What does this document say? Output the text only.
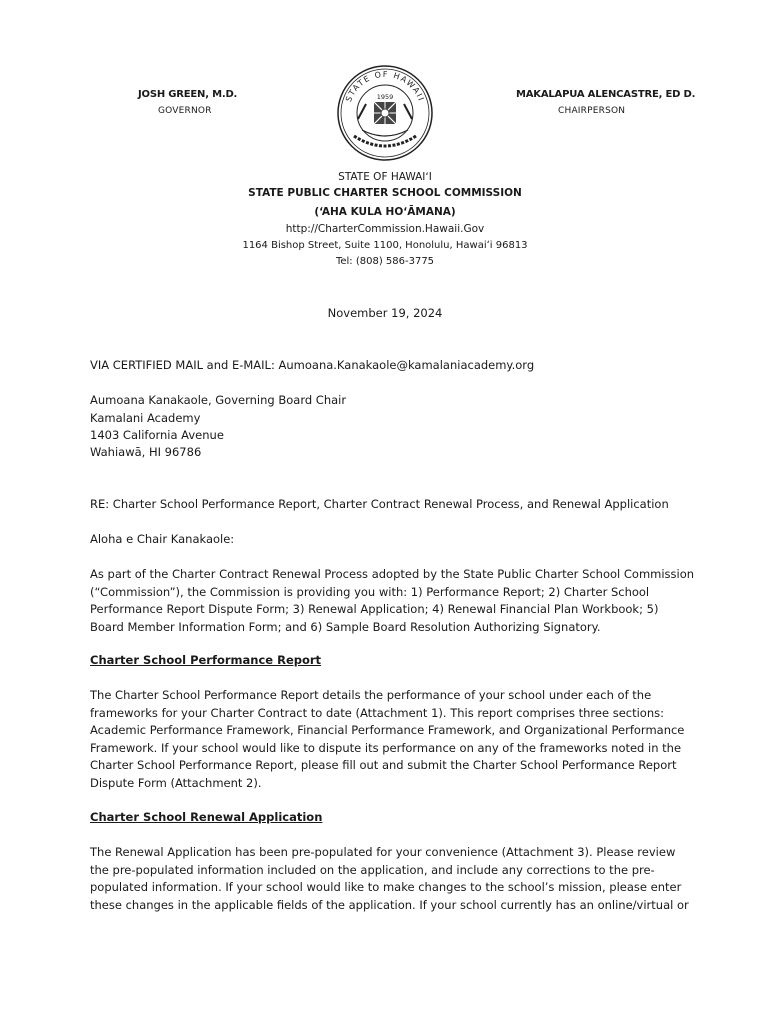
JOSH GREEN, M.D.
GOVERNOR
STATE OF HAWAII
1959	MAKALAPUA ALENCASTRE, ED D.
CHAIRPERSON
STATE OF HAWAIʻI
STATE PUBLIC CHARTER SCHOOL COMMISSION
(ʻAHA KULA HOʻĀMANA)
http://CharterCommission.Hawaii.Gov
1164 Bishop Street, Suite 1100, Honolulu, Hawaiʻi 96813
Tel: (808) 586-3775
November 19, 2024
VIA CERTIFIED MAIL and E-MAIL: Aumoana.Kanakaole@kamalaniacademy.org
Aumoana Kanakaole, Governing Board Chair
Kamalani Academy
1403 California Avenue
Wahiawā, HI 96786
RE: Charter School Performance Report, Charter Contract Renewal Process, and Renewal Application
Aloha e Chair Kanakaole:
As part of the Charter Contract Renewal Process adopted by the State Public Charter School Commission
(“Commission”), the Commission is providing you with: 1) Performance Report; 2) Charter School
Performance Report Dispute Form; 3) Renewal Application; 4) Renewal Financial Plan Workbook; 5)
Board Member Information Form; and 6) Sample Board Resolution Authorizing Signatory.
Charter School Performance Report
The Charter School Performance Report details the performance of your school under each of the
frameworks for your Charter Contract to date (Attachment 1). This report comprises three sections:
Academic Performance Framework, Financial Performance Framework, and Organizational Performance
Framework. If your school would like to dispute its performance on any of the frameworks noted in the
Charter School Performance Report, please fill out and submit the Charter School Performance Report
Dispute Form (Attachment 2).
Charter School Renewal Application
The Renewal Application has been pre-populated for your convenience (Attachment 3). Please review
the pre-populated information included on the application, and include any corrections to the pre-
populated information. If your school would like to make changes to the school’s mission, please enter
these changes in the applicable fields of the application. If your school currently has an online/virtual or
